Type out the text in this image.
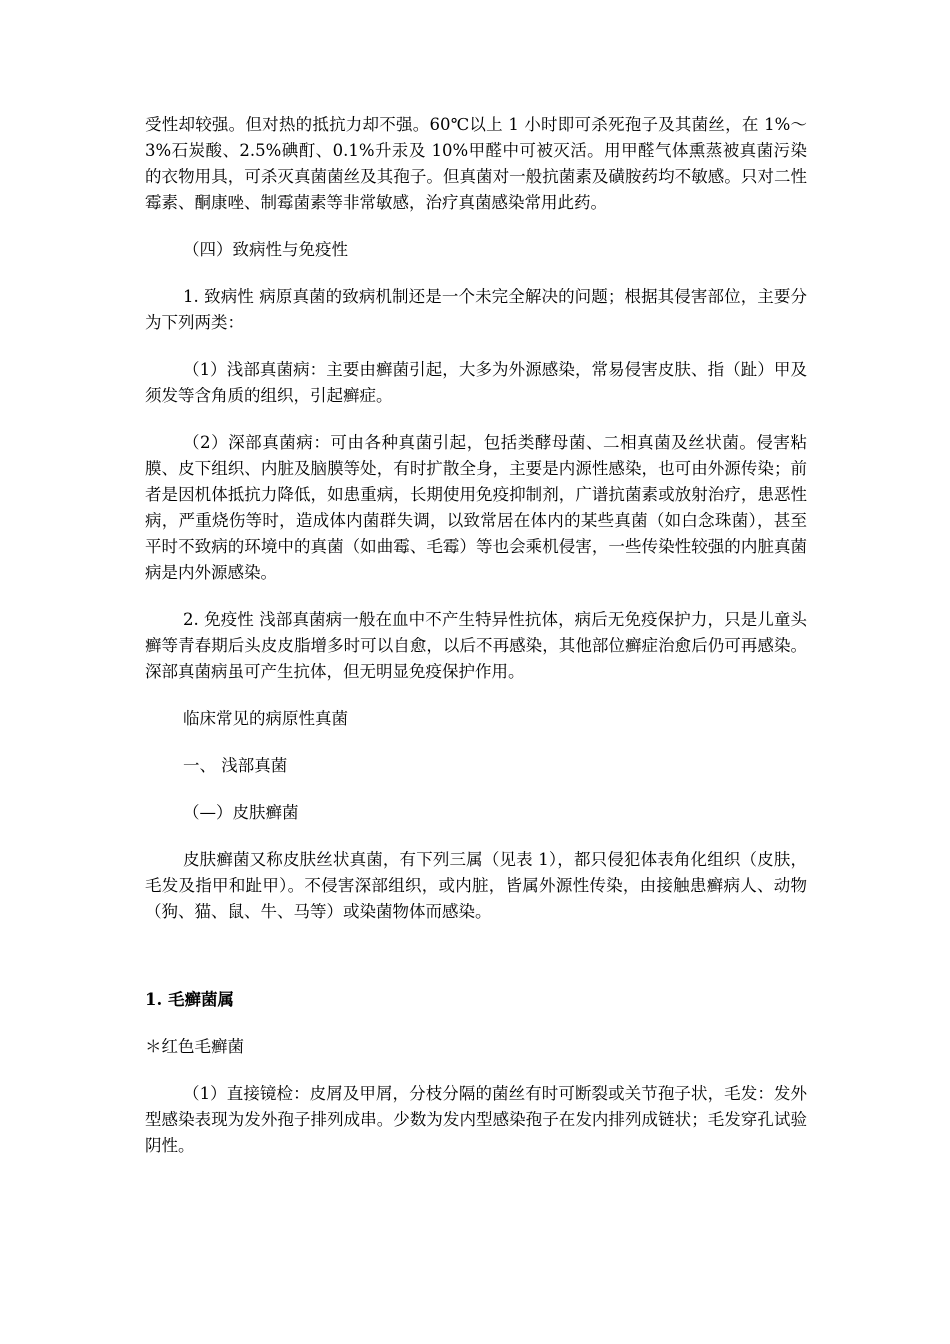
受性却较强。但对热的抵抗力却不强。60℃以上 1 小时即可杀死孢子及其菌丝，在 1%～3%石炭酸、2.5%碘酊、0.1%升汞及 10%甲醛中可被灭活。用甲醛气体熏蒸被真菌污染的衣物用具，可杀灭真菌菌丝及其孢子。但真菌对一般抗菌素及磺胺药均不敏感。只对二性霉素、酮康唑、制霉菌素等非常敏感，治疗真菌感染常用此药。

（四）致病性与免疫性

1. 致病性 病原真菌的致病机制还是一个未完全解决的问题；根据其侵害部位，主要分为下列两类：

（1）浅部真菌病：主要由癣菌引起，大多为外源感染，常易侵害皮肤、指（趾）甲及须发等含角质的组织，引起癣症。

（2）深部真菌病：可由各种真菌引起，包括类酵母菌、二相真菌及丝状菌。侵害粘膜、皮下组织、内脏及脑膜等处，有时扩散全身，主要是内源性感染，也可由外源传染；前者是因机体抵抗力降低，如患重病，长期使用免疫抑制剂，广谱抗菌素或放射治疗，患恶性病，严重烧伤等时，造成体内菌群失调，以致常居在体内的某些真菌（如白念珠菌），甚至平时不致病的环境中的真菌（如曲霉、毛霉）等也会乘机侵害，一些传染性较强的内脏真菌病是内外源感染。

2. 免疫性 浅部真菌病一般在血中不产生特异性抗体，病后无免疫保护力，只是儿童头癣等青春期后头皮皮脂增多时可以自愈，以后不再感染，其他部位癣症治愈后仍可再感染。深部真菌病虽可产生抗体，但无明显免疫保护作用。

临床常见的病原性真菌

一、 浅部真菌

（—）皮肤癣菌

皮肤癣菌又称皮肤丝状真菌，有下列三属（见表 1），都只侵犯体表角化组织（皮肤，毛发及指甲和趾甲）。不侵害深部组织，或内脏，皆属外源性传染，由接触患癣病人、动物（狗、猫、鼠、牛、马等）或染菌物体而感染。

1. 毛癣菌属

＊红色毛癣菌

（1）直接镜检：皮屑及甲屑，分枝分隔的菌丝有时可断裂或关节孢子状，毛发：发外型感染表现为发外孢子排列成串。少数为发内型感染孢子在发内排列成链状；毛发穿孔试验阴性。
